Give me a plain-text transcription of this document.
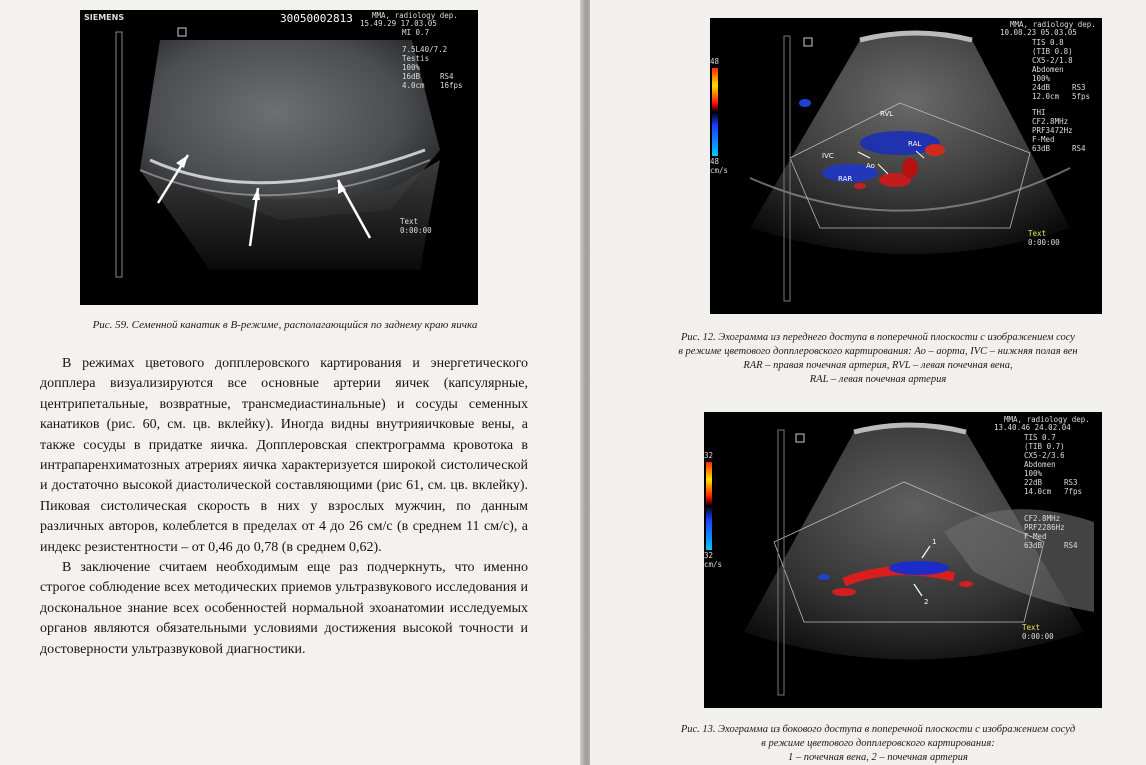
SIEMENS	30050002813	MMA, radiology dep.
15.49.29 17.03.05
MI 0.7
7.5L40/7.2
Testis
100%
16dB	RS4
4.0cm 16fps
Text
0:00:00
Рис. 59. Семенной канатик в В-режиме, располагающийся по заднему краю яичка

В режимах цветового допплеровского картирования и энергетического допплера визуализируются все основные артерии яичек (капсулярные, центрипетальные, возвратные, трансмедиастинальные) и сосуды семенных канатиков (рис. 60, см. цв. вклейку). Иногда видны внутрияичковые вены, а также сосуды в придатке яичка. Допплеровская спектрограмма кровотока в интрапаренхиматозных атрериях яичка характеризуется широкой систолической и достаточно высокой диастолической составляющими (рис 61, см. цв. вклейку). Пиковая систолическая скорость в них у взрослых мужчин, по данным различных авторов, колеблется в пределах от 4 до 26 см/с (в среднем 11 см/с), а индекс резистентности – от 0,46 до 0,78 (в среднем 0,62).

В заключение считаем необходимым еще раз подчеркнуть, что именно строгое соблюдение всех методических приемов ультразвукового исследования и доскональное знание всех особенностей нормальной эхоанатомии исследуемых органов являются обязательными условиями достижения высокой точности и достоверности ультразвуковой диагностики.

RVL
IVC
Ao
RAL
RAR
48
48
cm/s
MMA, radiology dep.
10.08.23 05.03.05
TIS 0.8
(TIB 0.8)
CX5-2/1.8
Abdomen
100%
24dB	RS3
12.0cm 5fps
THI
CF2.8MHz
PRF3472Hz
F-Med
63dB	RS4
Text
0:00:00
Рис. 12. Эхограмма из переднего доступа в поперечной плоскости с изображением сосу
в режиме цветового допплеровского картирования: Ао – аорта, IVC – нижняя полая вен
RAR – правая почечная артерия, RVL – левая почечная вена,
RAL – левая почечная артерия
1
2
32
32
cm/s
MMA, radiology dep.
13.40.46 24.02.04
TIS 0.7
(TIB 0.7)
CX5-2/3.6
Abdomen
100%
22dB	RS3
14.0cm 7fps
CF2.8MHz
PRF2286Hz
F-Med
63dB	RS4
Text
0:00:00
Рис. 13. Эхограмма из бокового доступа в поперечной плоскости с изображением сосуд
в режиме цветового допплеровского картирования:
1 – почечная вена, 2 – почечная артерия
